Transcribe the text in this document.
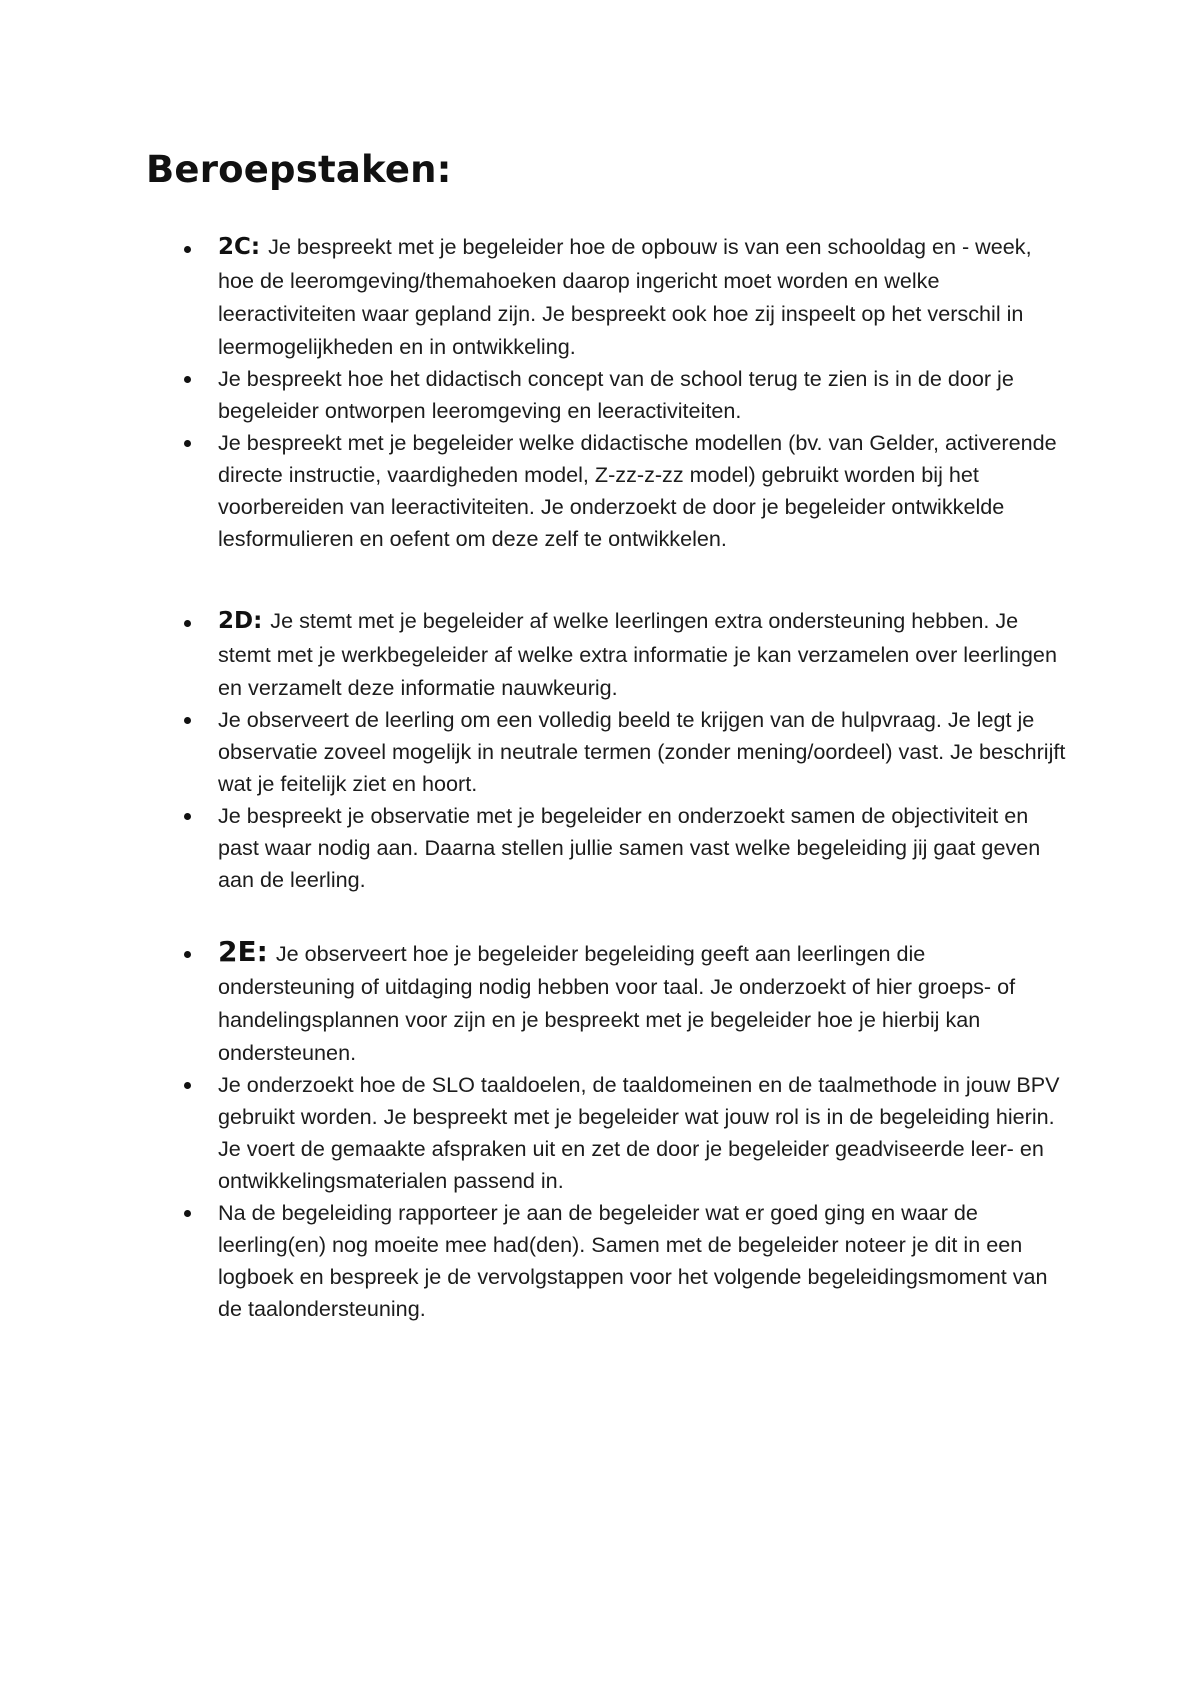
Beroepstaken:
2C: Je bespreekt met je begeleider hoe de opbouw is van een schooldag en - week, hoe de leeromgeving/themahoeken daarop ingericht moet worden en welke leeractiviteiten waar gepland zijn. Je bespreekt ook hoe zij inspeelt op het verschil in leermogelijkheden en in ontwikkeling.
Je bespreekt hoe het didactisch concept van de school terug te zien is in de door je begeleider ontworpen leeromgeving en leeractiviteiten.
Je bespreekt met je begeleider welke didactische modellen (bv. van Gelder, activerende directe instructie, vaardigheden model, Z-zz-z-zz model) gebruikt worden bij het voorbereiden van leeractiviteiten. Je onderzoekt de door je begeleider ontwikkelde lesformulieren en oefent om deze zelf te ontwikkelen.
2D: Je stemt met je begeleider af welke leerlingen extra ondersteuning hebben. Je stemt met je werkbegeleider af welke extra informatie je kan verzamelen over leerlingen en verzamelt deze informatie nauwkeurig.
Je observeert de leerling om een volledig beeld te krijgen van de hulpvraag. Je legt je observatie zoveel mogelijk in neutrale termen (zonder mening/oordeel) vast. Je beschrijft wat je feitelijk ziet en hoort.
Je bespreekt je observatie met je begeleider en onderzoekt samen de objectiviteit en past waar nodig aan. Daarna stellen jullie samen vast welke begeleiding jij gaat geven aan de leerling.
2E: Je observeert hoe je begeleider begeleiding geeft aan leerlingen die ondersteuning of uitdaging nodig hebben voor taal. Je onderzoekt of hier groeps- of handelingsplannen voor zijn en je bespreekt met je begeleider hoe je hierbij kan ondersteunen.
Je onderzoekt hoe de SLO taaldoelen, de taaldomeinen en de taalmethode in jouw BPV gebruikt worden. Je bespreekt met je begeleider wat jouw rol is in de begeleiding hierin. Je voert de gemaakte afspraken uit en zet de door je begeleider geadviseerde leer- en ontwikkelingsmaterialen passend in.
Na de begeleiding rapporteer je aan de begeleider wat er goed ging en waar de leerling(en) nog moeite mee had(den). Samen met de begeleider noteer je dit in een logboek en bespreek je de vervolgstappen voor het volgende begeleidingsmoment van de taalondersteuning.
